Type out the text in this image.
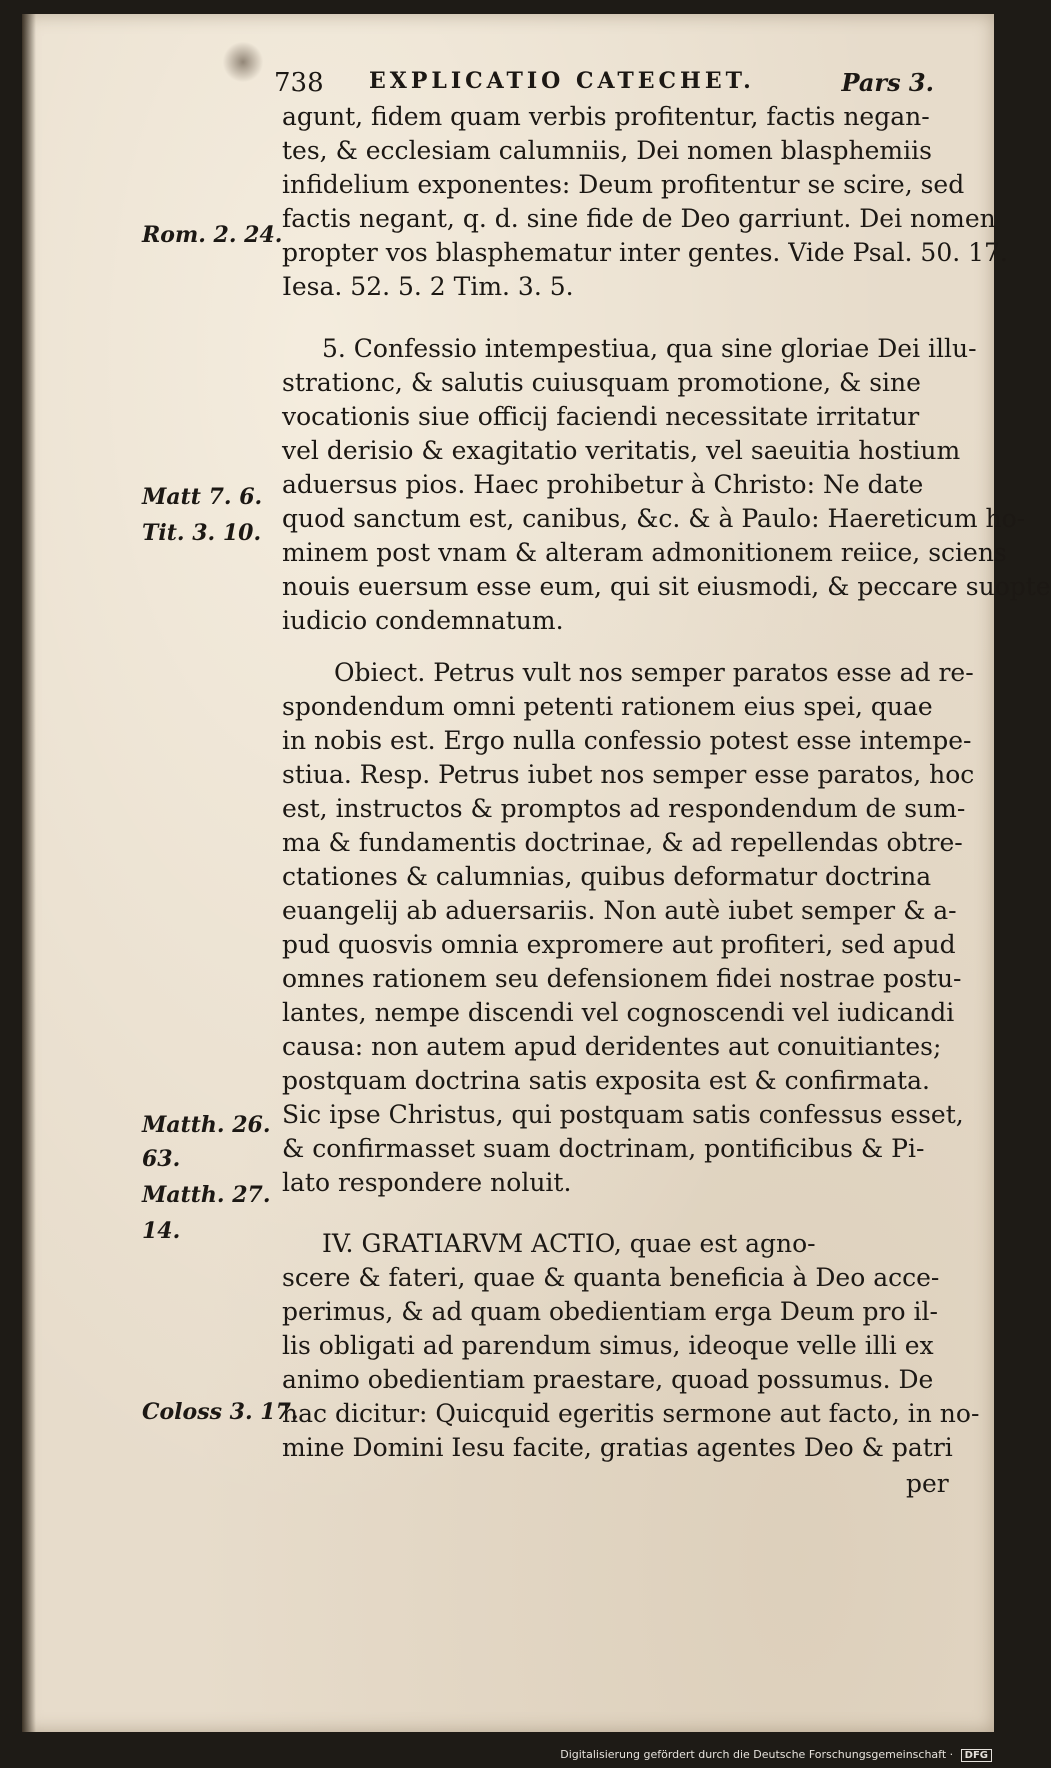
738 EXPLICATIO CATECHET.	Pars 3.
agunt, fidem quam verbis profitentur, factis negan-
tes, & ecclesiam calumniis, Dei nomen blasphemiis
infidelium exponentes: Deum profitentur se scire, sed
factis negant, q. d. sine fide de Deo garriunt. Dei nomen
propter vos blasphematur inter gentes. Vide Psal. 50. 17.
Iesa. 52. 5. 2 Tim. 3. 5.
5. Confessio intempestiua, qua sine gloriae Dei illu-
strationc, & salutis cuiusquam promotione, & sine
vocationis siue officij faciendi necessitate irritatur
vel derisio & exagitatio veritatis, vel saeuitia hostium
aduersus pios. Haec prohibetur à Christo: Ne date
quod sanctum est, canibus, &c. & à Paulo: Haereticum ho-
minem post vnam & alteram admonitionem reiice, sciens
nouis euersum esse eum, qui sit eiusmodi, & peccare suopte
iudicio condemnatum.
Obiect. Petrus vult nos semper paratos esse ad re-
spondendum omni petenti rationem eius spei, quae
in nobis est. Ergo nulla confessio potest esse intempe-
stiua. Resp. Petrus iubet nos semper esse paratos, hoc
est, instructos & promptos ad respondendum de sum-
ma & fundamentis doctrinae, & ad repellendas obtre-
ctationes & calumnias, quibus deformatur doctrina
euangelij ab aduersariis. Non autè iubet semper & a-
pud quosvis omnia expromere aut profiteri, sed apud
omnes rationem seu defensionem fidei nostrae postu-
lantes, nempe discendi vel cognoscendi vel iudicandi
causa: non autem apud deridentes aut conuitiantes;
postquam doctrina satis exposita est & confirmata.
Sic ipse Christus, qui postquam satis confessus esset,
& confirmasset suam doctrinam, pontificibus & Pi-
lato respondere noluit.
IV. GRATIARVM ACTIO, quae est agno-
scere & fateri, quae & quanta beneficia à Deo acce-
perimus, & ad quam obedientiam erga Deum pro il-
lis obligati ad parendum simus, ideoque velle illi ex
animo obedientiam praestare, quoad possumus. De
hac dicitur: Quicquid egeritis sermone aut facto, in no-
mine Domini Iesu facite, gratias agentes Deo & patri
per
Rom. 2. 24.
Matt 7. 6.
Tit. 3. 10.
Matth. 26.
63.
Matth. 27.
14.
Coloss 3. 17.
Digitalisierung gefördert durch die Deutsche Forschungsgemeinschaft · DFG
